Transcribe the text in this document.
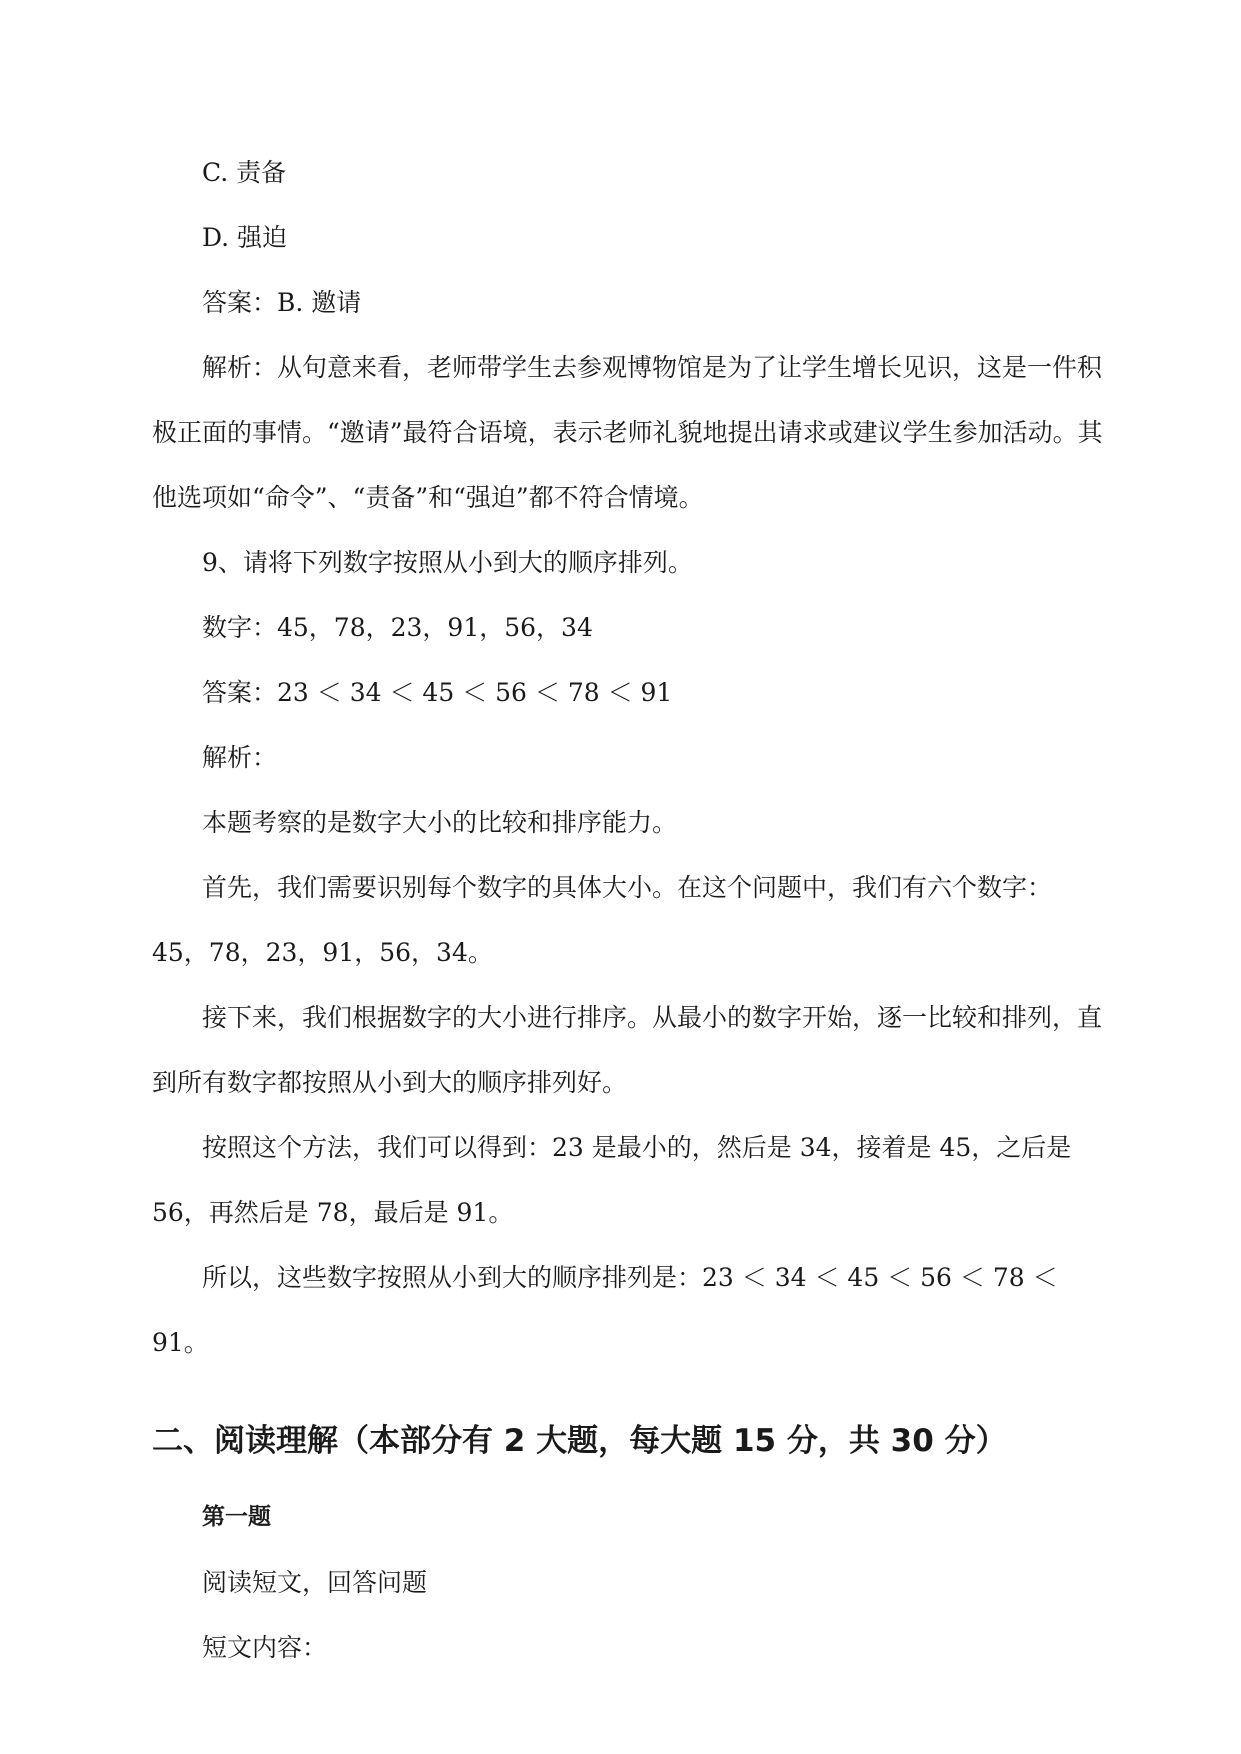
C. 责备

D. 强迫

答案：B. 邀请

解析：从句意来看，老师带学生去参观博物馆是为了让学生增长见识，这是一件积极正面的事情。“邀请”最符合语境，表示老师礼貌地提出请求或建议学生参加活动。其他选项如“命令”、“责备”和“强迫”都不符合情境。

9、请将下列数字按照从小到大的顺序排列。

数字：45，78，23，91，56，34

答案：23 ＜ 34 ＜ 45 ＜ 56 ＜ 78 ＜ 91

解析：

本题考察的是数字大小的比较和排序能力。

首先，我们需要识别每个数字的具体大小。在这个问题中，我们有六个数字：45，78，23，91，56，34。

接下来，我们根据数字的大小进行排序。从最小的数字开始，逐一比较和排列，直到所有数字都按照从小到大的顺序排列好。

按照这个方法，我们可以得到：23 是最小的，然后是 34，接着是 45，之后是 56，再然后是 78，最后是 91。

所以，这些数字按照从小到大的顺序排列是：23 ＜ 34 ＜ 45 ＜ 56 ＜ 78 ＜ 91。

二、阅读理解（本部分有 2 大题，每大题 15 分，共 30 分）
第一题

阅读短文，回答问题

短文内容：
